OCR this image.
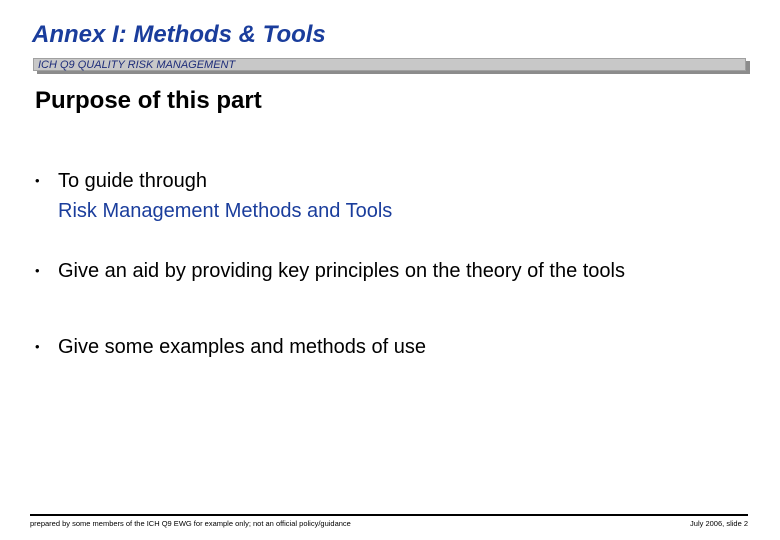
Annex I: Methods & Tools
ICH Q9 QUALITY RISK MANAGEMENT
Purpose of this part
• To guide through
Risk Management Methods and Tools
• Give an aid by providing key principles on the theory of the tools
• Give some examples and methods of use
prepared by some members of the ICH Q9 EWG for example only; not an official policy/guidance	July 2006, slide 2
